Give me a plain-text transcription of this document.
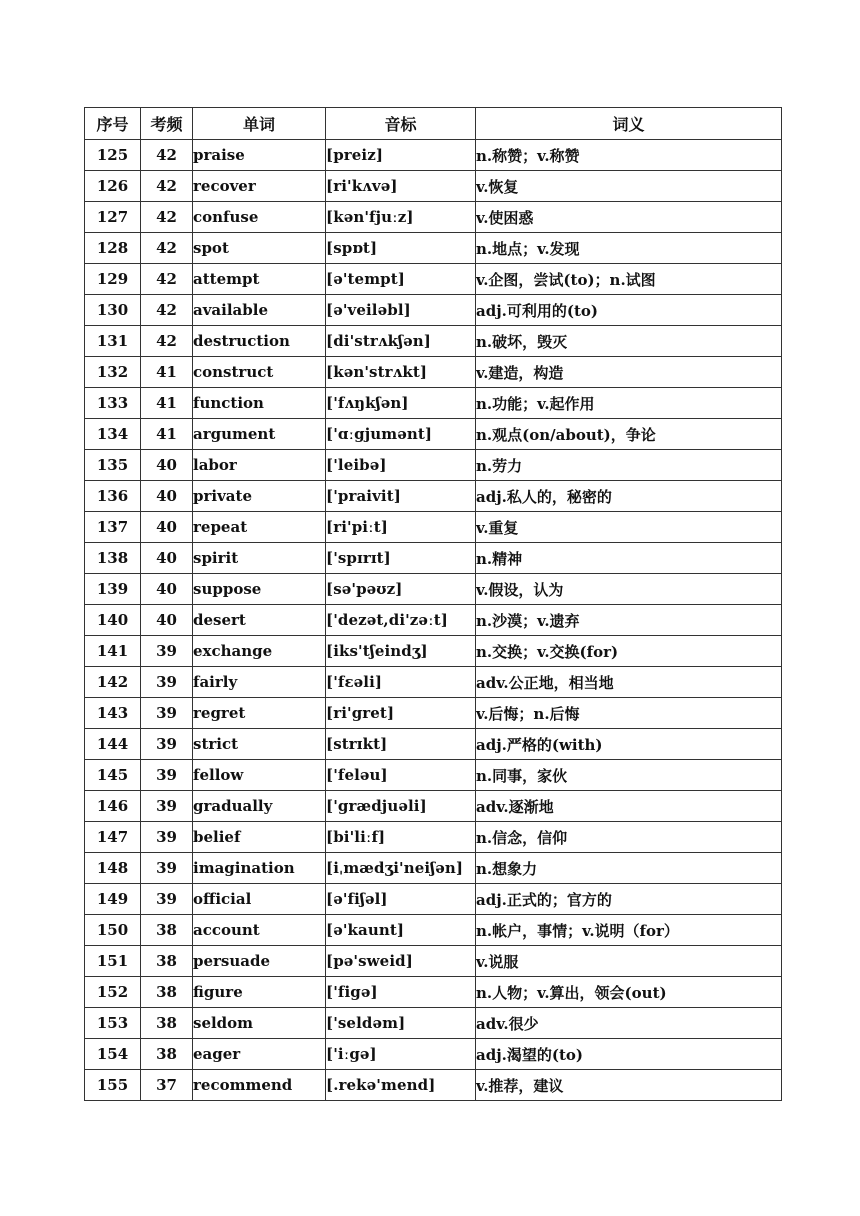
序号	考频	单词	音标	词义
125	42	praise	[preiz]	n.称赞；v.称赞
126	42	recover	[ri'kʌvə]	v.恢复
127	42	confuse	[kən'fjuːz]	v.使困惑
128	42	spot	[spɒt]	n.地点；v.发现
129	42	attempt	[ə'tempt]	v.企图，尝试(to)；n.试图
130	42	available	[ə'veiləbl]	adj.可利用的(to)
131	42	destruction	[di'strʌkʃən]	n.破坏，毁灭
132	41	construct	[kən'strʌkt]	v.建造，构造
133	41	function	['fʌŋkʃən]	n.功能；v.起作用
134	41	argument	['ɑːgjumənt]	n.观点(on/about)，争论
135	40	labor	['leibə]	n.劳力
136	40	private	['praivit]	adj.私人的，秘密的
137	40	repeat	[ri'piːt]	v.重复
138	40	spirit	['spɪrɪt]	n.精神
139	40	suppose	[sə'pəʊz]	v.假设，认为
140	40	desert	['dezət,di'zəːt]	n.沙漠；v.遗弃
141	39	exchange	[iks'tʃeindʒ]	n.交换；v.交换(for)
142	39	fairly	['fɛəli]	adv.公正地，相当地
143	39	regret	[ri'gret]	v.后悔；n.后悔
144	39	strict	[strɪkt]	adj.严格的(with)
145	39	fellow	['feləu]	n.同事，家伙
146	39	gradually	['grædjuəli]	adv.逐渐地
147	39	belief	[bi'liːf]	n.信念，信仰
148	39	imagination	[iˌmædʒi'neiʃən]	n.想象力
149	39	official	[ə'fiʃəl]	adj.正式的；官方的
150	38	account	[ə'kaunt]	n.帐户，事情；v.说明（for）
151	38	persuade	[pə'sweid]	v.说服
152	38	figure	['figə]	n.人物；v.算出，领会(out)
153	38	seldom	['seldəm]	adv.很少
154	38	eager	['iːgə]	adj.渴望的(to)
155	37	recommend	[.rekə'mend]	v.推荐，建议
